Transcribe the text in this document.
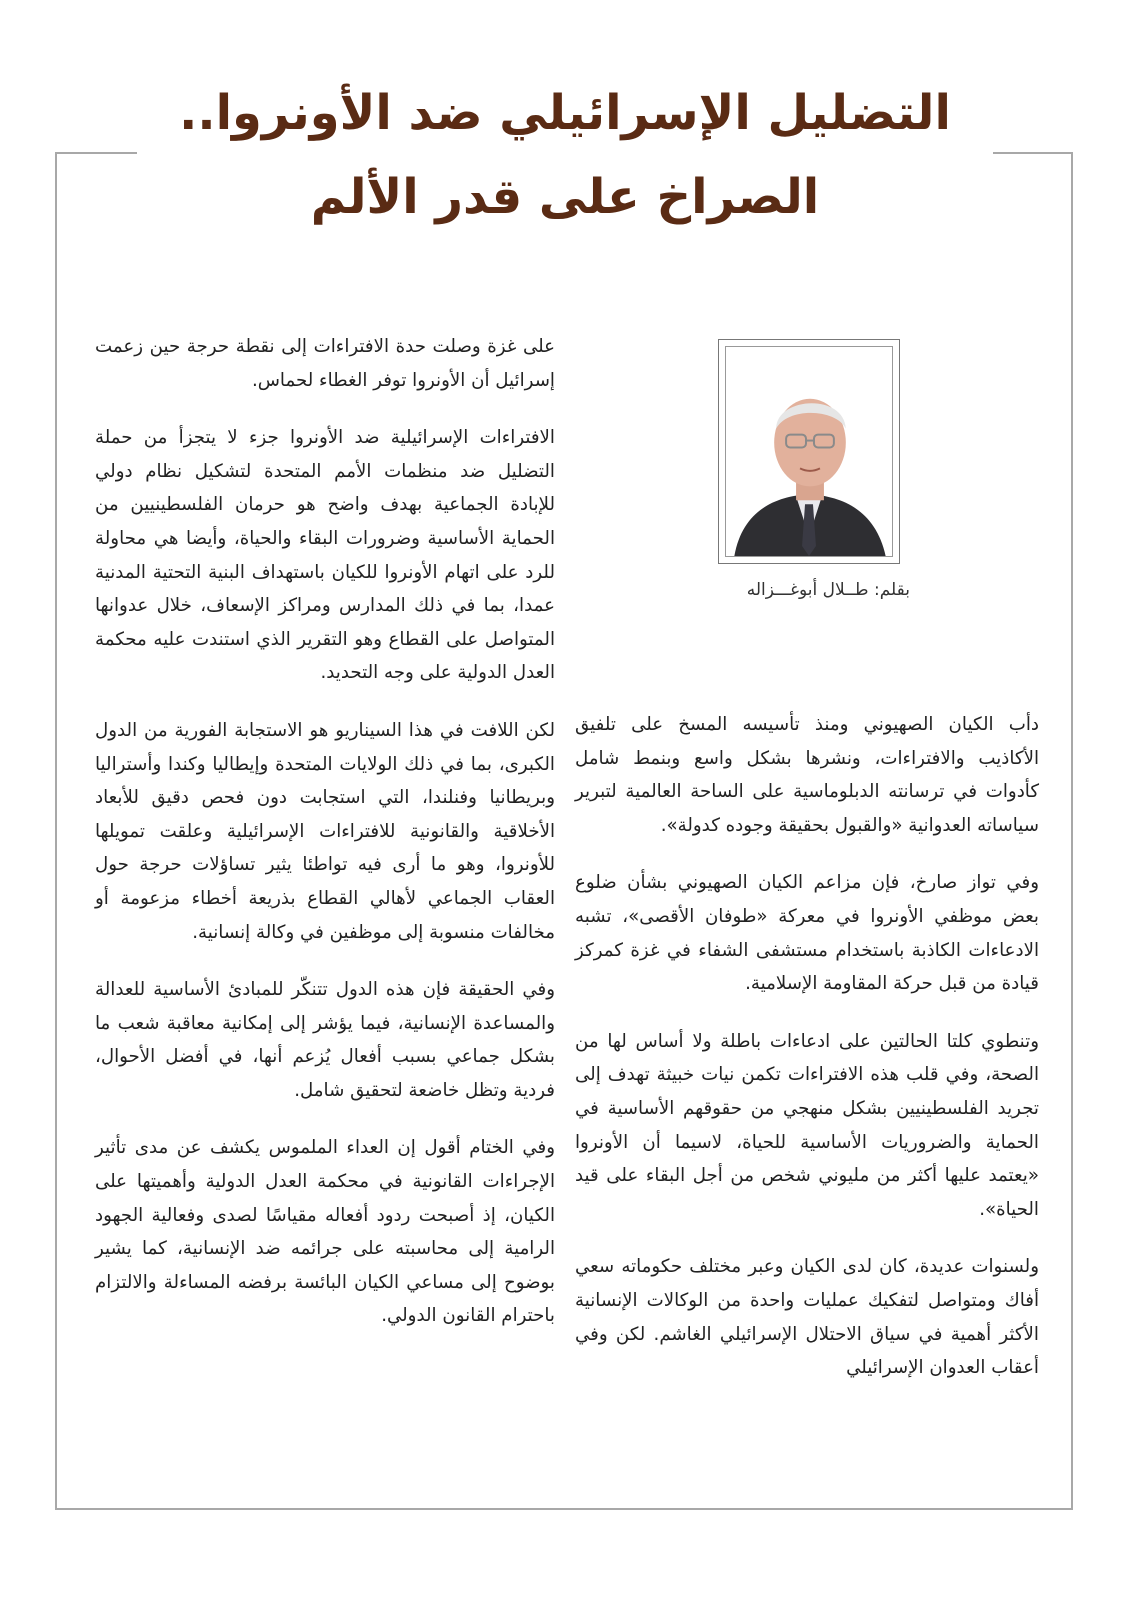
التضليل الإسرائيلي ضد الأونروا..
الصراخ على قدر الألم
بقلم: طــلال أبوغـــزاله

على غزة وصلت حدة الافتراءات إلى نقطة حرجة حين زعمت إسرائيل أن الأونروا توفر الغطاء لحماس.

الافتراءات الإسرائيلية ضد الأونروا جزء لا يتجزأ من حملة التضليل ضد منظمات الأمم المتحدة لتشكيل نظام دولي للإبادة الجماعية بهدف واضح هو حرمان الفلسطينيين من الحماية الأساسية وضرورات البقاء والحياة، وأيضا هي محاولة للرد على اتهام الأونروا للكيان باستهداف البنية التحتية المدنية عمدا، بما في ذلك المدارس ومراكز الإسعاف، خلال عدوانها المتواصل على القطاع وهو التقرير الذي استندت عليه محكمة العدل الدولية على وجه التحديد.

لكن اللافت في هذا السيناريو هو الاستجابة الفورية من الدول الكبرى، بما في ذلك الولايات المتحدة وإيطاليا وكندا وأستراليا وبريطانيا وفنلندا، التي استجابت دون فحص دقيق للأبعاد الأخلاقية والقانونية للافتراءات الإسرائيلية وعلقت تمويلها للأونروا، وهو ما أرى فيه تواطئا يثير تساؤلات حرجة حول العقاب الجماعي لأهالي القطاع بذريعة أخطاء مزعومة أو مخالفات منسوبة إلى موظفين في وكالة إنسانية.

وفي الحقيقة فإن هذه الدول تتنكّر للمبادئ الأساسية للعدالة والمساعدة الإنسانية، فيما يؤشر إلى إمكانية معاقبة شعب ما بشكل جماعي بسبب أفعال يُزعم أنها، في أفضل الأحوال، فردية وتظل خاضعة لتحقيق شامل.

وفي الختام أقول إن العداء الملموس يكشف عن مدى تأثير الإجراءات القانونية في محكمة العدل الدولية وأهميتها على الكيان، إذ أصبحت ردود أفعاله مقياسًا لصدى وفعالية الجهود الرامية إلى محاسبته على جرائمه ضد الإنسانية، كما يشير بوضوح إلى مساعي الكيان البائسة برفضه المساءلة والالتزام باحترام القانون الدولي.

دأب الكيان الصهيوني ومنذ تأسيسه المسخ على تلفيق الأكاذيب والافتراءات، ونشرها بشكل واسع وبنمط شامل كأدوات في ترسانته الدبلوماسية على الساحة العالمية لتبرير سياساته العدوانية «والقبول بحقيقة وجوده كدولة».

وفي تواز صارخ، فإن مزاعم الكيان الصهيوني بشأن ضلوع بعض موظفي الأونروا في معركة «طوفان الأقصى»، تشبه الادعاءات الكاذبة باستخدام مستشفى الشفاء في غزة كمركز قيادة من قبل حركة المقاومة الإسلامية.

وتنطوي كلتا الحالتين على ادعاءات باطلة ولا أساس لها من الصحة، وفي قلب هذه الافتراءات تكمن نيات خبيثة تهدف إلى تجريد الفلسطينيين بشكل منهجي من حقوقهم الأساسية في الحماية والضروريات الأساسية للحياة، لاسيما أن الأونروا «يعتمد عليها أكثر من مليوني شخص من أجل البقاء على قيد الحياة».

ولسنوات عديدة، كان لدى الكيان وعبر مختلف حكوماته سعي أفاك ومتواصل لتفكيك عمليات واحدة من الوكالات الإنسانية الأكثر أهمية في سياق الاحتلال الإسرائيلي الغاشم. لكن وفي أعقاب العدوان الإسرائيلي
